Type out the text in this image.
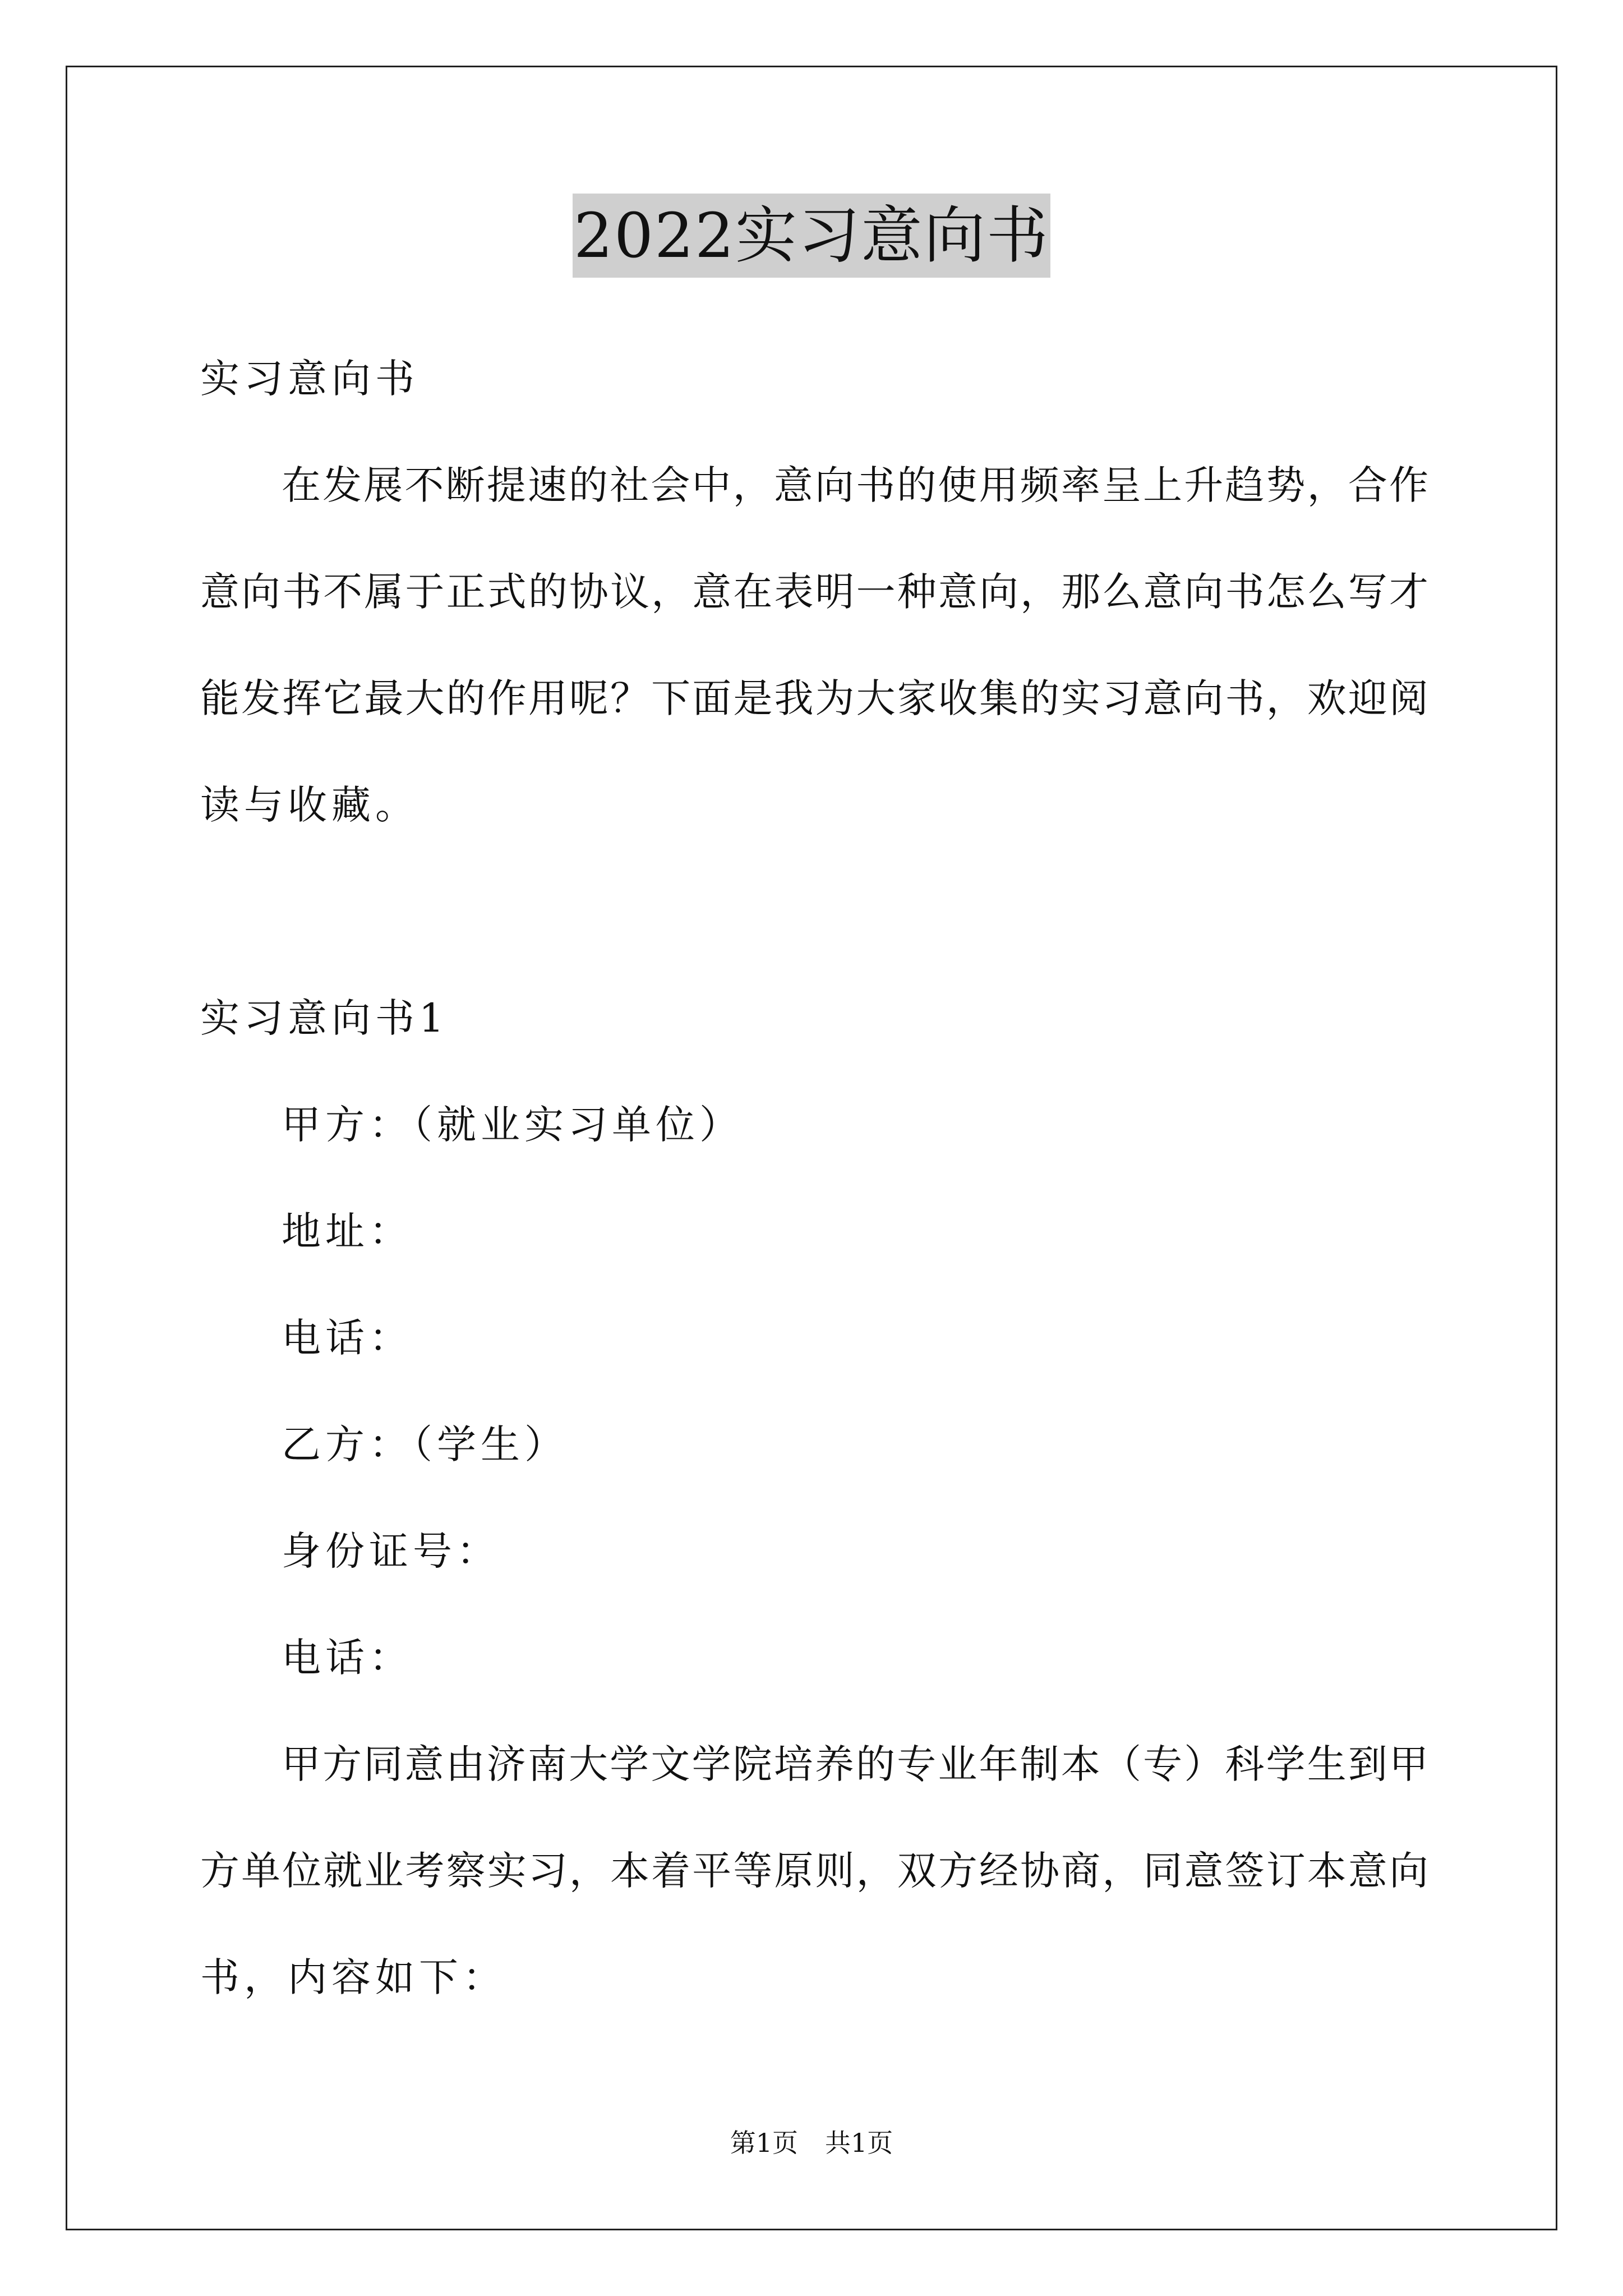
2022实习意向书
实习意向书
在发展不断提速的社会中，意向书的使用频率呈上升趋势，合作
意向书不属于正式的协议，意在表明一种意向，那么意向书怎么写才
能发挥它最大的作用呢？下面是我为大家收集的实习意向书，欢迎阅
读与收藏。
实习意向书1
甲方：（就业实习单位）
地址：
电话：
乙方：（学生）
身份证号：
电话：
甲方同意由济南大学文学院培养的专业年制本（专）科学生到甲
方单位就业考察实习，本着平等原则，双方经协商，同意签订本意向
书，内容如下：
第1页 共1页
